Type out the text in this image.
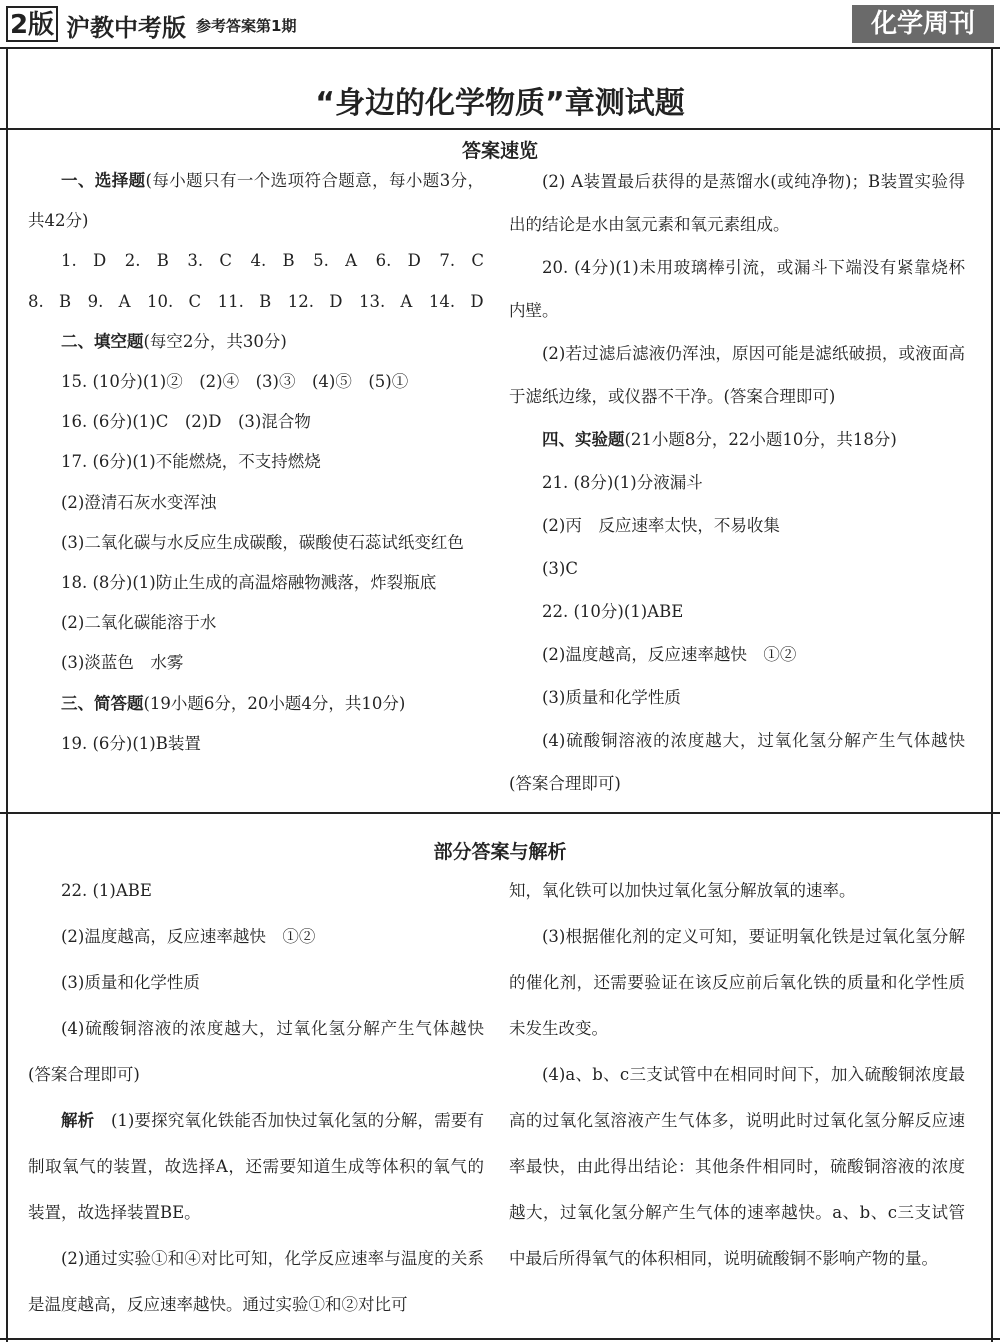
2版 沪教中考版 参考答案第1期	化学周刊
“身边的化学物质”章测试题
答案速览

一、选择题(每小题只有一个选项符合题意，每小题3分，共42分)

1. D　2. B　3. C　4. B　5. A　6. D　7. C　8. B　9. A　10. C　11. B　12. D　13. A　14. D

二、填空题(每空2分，共30分)

15. (10分)(1)②　(2)④　(3)③　(4)⑤　(5)①

16. (6分)(1)C　(2)D　(3)混合物

17. (6分)(1)不能燃烧，不支持燃烧

(2)澄清石灰水变浑浊

(3)二氧化碳与水反应生成碳酸，碳酸使石蕊试纸变红色

18. (8分)(1)防止生成的高温熔融物溅落，炸裂瓶底

(2)二氧化碳能溶于水

(3)淡蓝色　水雾

三、简答题(19小题6分，20小题4分，共10分)

19. (6分)(1)B装置

(2) A装置最后获得的是蒸馏水(或纯净物)；B装置实验得出的结论是水由氢元素和氧元素组成。

20. (4分)(1)未用玻璃棒引流，或漏斗下端没有紧靠烧杯内壁。

(2)若过滤后滤液仍浑浊，原因可能是滤纸破损，或液面高于滤纸边缘，或仪器不干净。(答案合理即可)

四、实验题(21小题8分，22小题10分，共18分)

21. (8分)(1)分液漏斗

(2)丙　反应速率太快，不易收集

(3)C

22. (10分)(1)ABE

(2)温度越高，反应速率越快　①②

(3)质量和化学性质

(4)硫酸铜溶液的浓度越大，过氧化氢分解产生气体越快(答案合理即可)

部分答案与解析

22. (1)ABE

(2)温度越高，反应速率越快　①②

(3)质量和化学性质

(4)硫酸铜溶液的浓度越大，过氧化氢分解产生气体越快(答案合理即可)

解析　(1)要探究氧化铁能否加快过氧化氢的分解，需要有制取氧气的装置，故选择A，还需要知道生成等体积的氧气的装置，故选择装置BE。

(2)通过实验①和④对比可知，化学反应速率与温度的关系是温度越高，反应速率越快。通过实验①和②对比可

知，氧化铁可以加快过氧化氢分解放氧的速率。

(3)根据催化剂的定义可知，要证明氧化铁是过氧化氢分解的催化剂，还需要验证在该反应前后氧化铁的质量和化学性质未发生改变。

(4)a、b、c三支试管中在相同时间下，加入硫酸铜浓度最高的过氧化氢溶液产生气体多，说明此时过氧化氢分解反应速率最快，由此得出结论：其他条件相同时，硫酸铜溶液的浓度越大，过氧化氢分解产生气体的速率越快。a、b、c三支试管中最后所得氧气的体积相同，说明硫酸铜不影响产物的量。
